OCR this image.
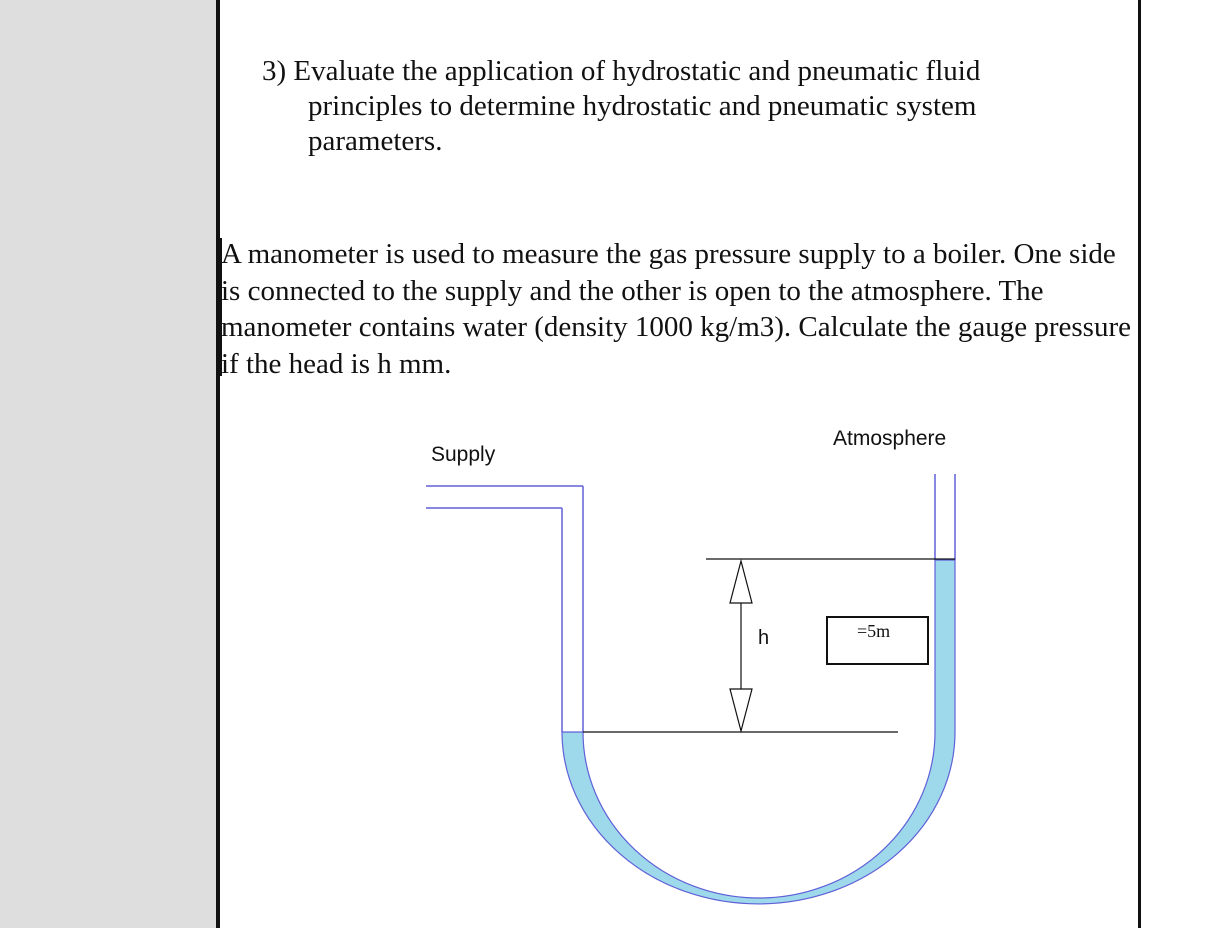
3) Evaluate the application of hydrostatic and pneumatic fluid
principles to determine hydrostatic and pneumatic system
parameters.
A manometer is used to measure the gas pressure supply to a boiler. One side is connected to the supply and the other is open to the atmosphere. The manometer contains water (density 1000 kg/m3). Calculate the gauge pressure if the head is h mm.
Supply
Atmosphere
h	=5m
